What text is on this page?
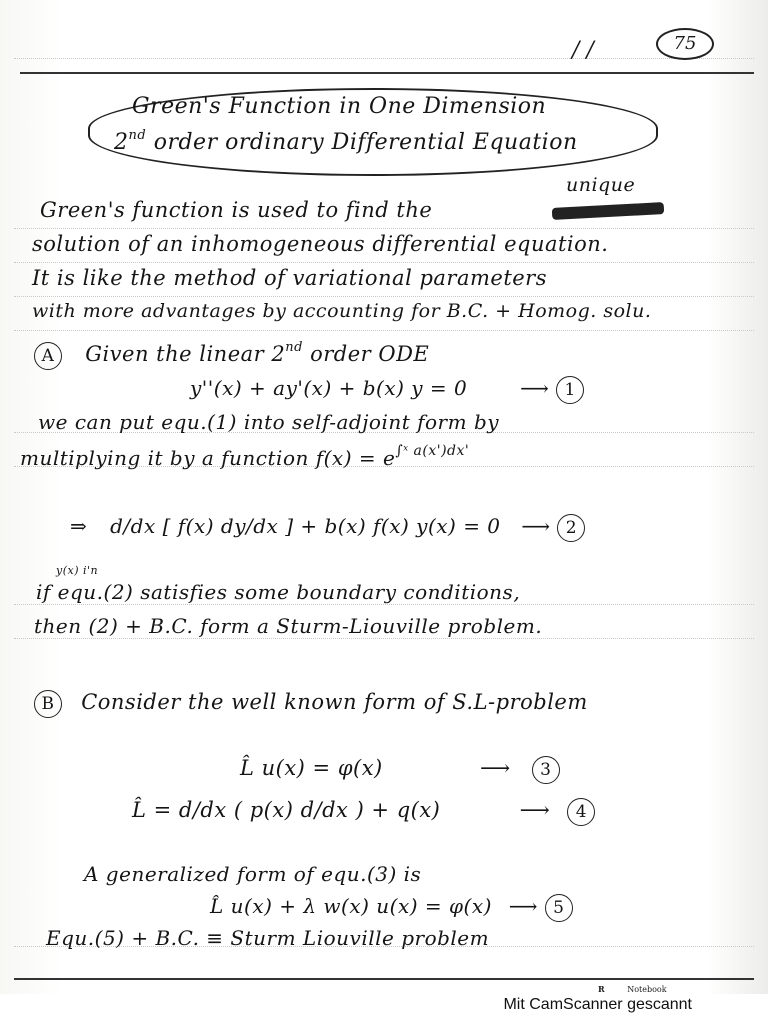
/ /	75
Green's Function in One Dimension
2nd order ordinary Differential Equation
unique
Green's function is used to find the
solution of an inhomogeneous differential equation.
It is like the method of variational parameters
with more advantages by accounting for B.C. + Homog. solu.
A Given the linear 2nd order ODE
y''(x) + ay'(x) + b(x) y = 0	⟶ 1
we can put equ.(1) into self-adjoint form by
multiplying it by a function $f(x) = e^{\int ˣ a(x')dx'}$
⇒ d/dx [ f(x) dy/dx ] + b(x) f(x) y(x) = 0 ⟶ 2
y(x) i'n
if equ.(2) satisfies some boundary conditions,
then (2) + B.C. form a Sturm-Liouville problem.
B Consider the well known form of S.L-problem
L̂ u(x) = φ(x)	⟶ 3
L̂ = d/dx ( p(x) d/dx ) + q(x)	⟶ 4
A generalized form of equ.(3) is
L̂ u(x) + λ w(x) u(x) = φ(x) ⟶ 5
Equ.(5) + B.C. ≡ Sturm Liouville problem
R	Notebook
Mit CamScanner gescannt
